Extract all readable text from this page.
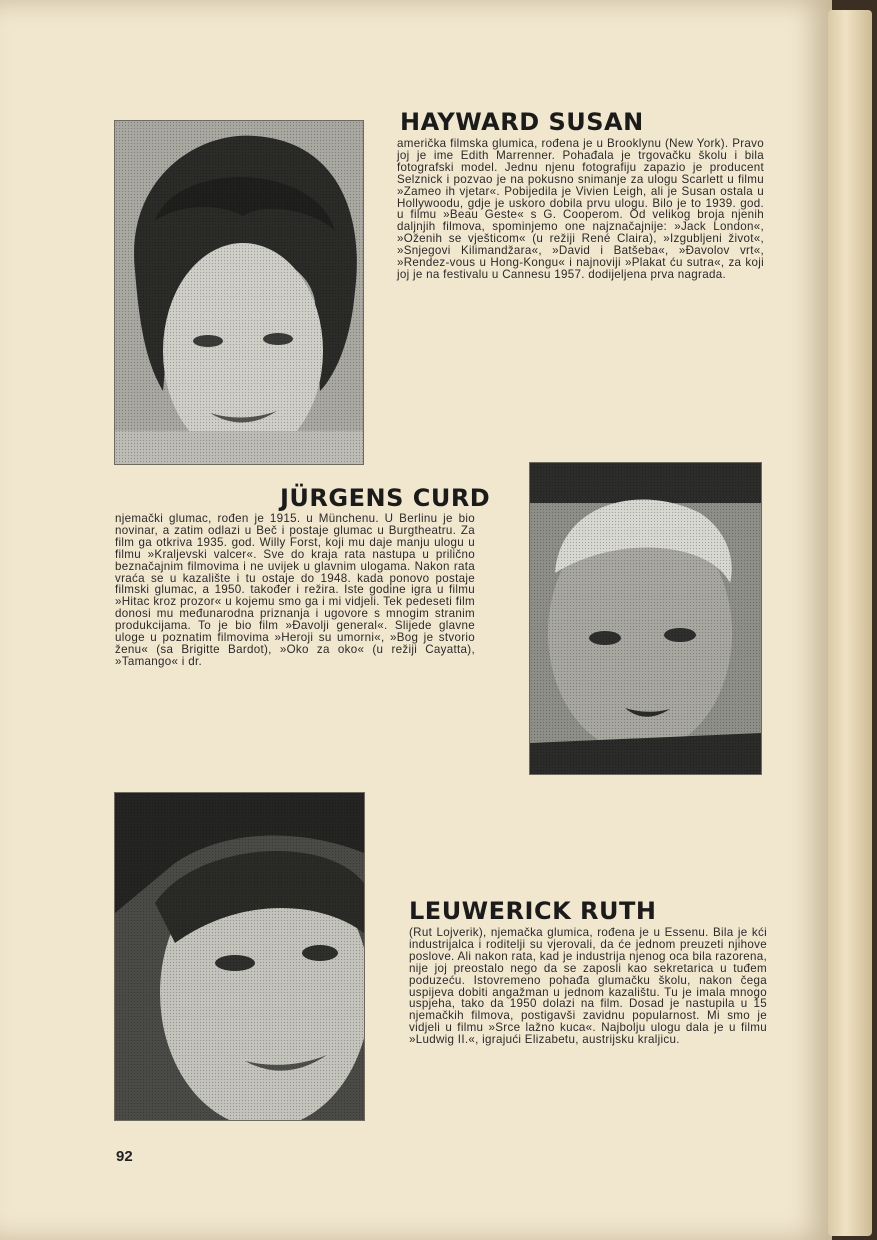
HAYWARD SUSAN

američka filmska glumica, rođena je u Brooklynu (New York). Pravo joj je ime Edith Marrenner. Pohađala je trgovačku školu i bila fotografski model. Jednu njenu fotografiju zapazio je producent Selznick i pozvao je na pokusno snimanje za ulogu Scarlett u filmu »Zameo ih vjetar«. Pobijedila je Vivien Leigh, ali je Susan ostala u Hollywoodu, gdje je uskoro dobila prvu ulogu. Bilo je to 1939. god. u filmu »Beau Geste« s G. Cooperom. Od velikog broja njenih daljnjih filmova, spominjemo one najznačajnije: »Jack London«, »Oženih se vješticom« (u režiji René Claira), »Izgubljeni život«, »Snjegovi Kilimandžara«, »David i Batšeba«, »Đavolov vrt«, »Rendez-vous u Hong-Kongu« i najnoviji »Plakat ću sutra«, za koji joj je na festivalu u Cannesu 1957. dodijeljena prva nagrada.

JÜRGENS CURD

njemački glumac, rođen je 1915. u Münchenu. U Berlinu je bio novinar, a zatim odlazi u Beč i postaje glumac u Burgtheatru. Za film ga otkriva 1935. god. Willy Forst, koji mu daje manju ulogu u filmu »Kraljevski valcer«. Sve do kraja rata nastupa u prilično beznačajnim filmovima i ne uvijek u glavnim ulogama. Nakon rata vraća se u kazalište i tu ostaje do 1948. kada ponovo postaje filmski glumac, a 1950. također i režira. Iste godine igra u filmu »Hitac kroz prozor« u kojemu smo ga i mi vidjeli. Tek pedeseti film donosi mu međunarodna priznanja i ugovore s mnogim stranim produkcijama. To je bio film »Đavolji general«. Slijede glavne uloge u poznatim filmovima »Heroji su umorni«, »Bog je stvorio ženu« (sa Brigitte Bardot), »Oko za oko« (u režiji Cayatta), »Tamango« i dr.

LEUWERICK RUTH

(Rut Lojverik), njemačka glumica, rođena je u Essenu. Bila je kći industrijalca i roditelji su vjerovali, da će jednom preuzeti njihove poslove. Ali nakon rata, kad je industrija njenog oca bila razorena, nije joj preostalo nego da se zaposli kao sekretarica u tuđem poduzeću. Istovremeno pohađa glumačku školu, nakon čega uspijeva dobiti angažman u jednom kazalištu. Tu je imala mnogo uspjeha, tako da 1950 dolazi na film. Dosad je nastupila u 15 njemačkih filmova, postigavši zavidnu popularnost. Mi smo je vidjeli u filmu »Srce lažno kuca«. Najbolju ulogu dala je u filmu »Ludwig II.«, igrajući Elizabetu, austrijsku kraljicu.

92
